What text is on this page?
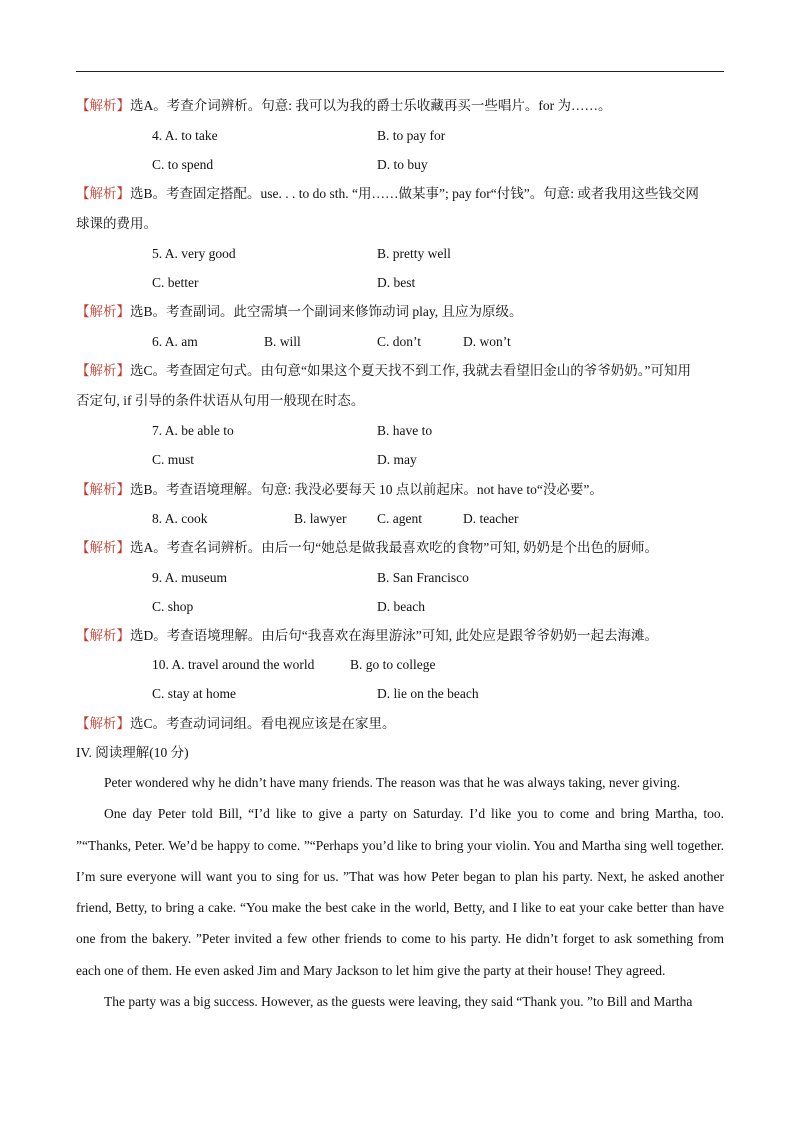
【解析】选A。考查介词辨析。句意: 我可以为我的爵士乐收藏再买一些唱片。for 为……。
4. A. to take	B. to pay for
C. to spend	D. to buy
【解析】选B。考查固定搭配。use. . . to do sth. “用……做某事”; pay for“付钱”。句意: 或者我用这些钱交网
球课的费用。
5. A. very good	B. pretty well
C. better	D. best
【解析】选B。考查副词。此空需填一个副词来修饰动词 play, 且应为原级。
6. A. am	B. will	C. don’t	D. won’t
【解析】选C。考查固定句式。由句意“如果这个夏天找不到工作, 我就去看望旧金山的爷爷奶奶。”可知用
否定句, if 引导的条件状语从句用一般现在时态。
7. A. be able to	B. have to
C. must	D. may
【解析】选B。考查语境理解。句意: 我没必要每天 10 点以前起床。not have to“没必要”。
8. A. cook	B. lawyer C. agent	D. teacher
【解析】选A。考查名词辨析。由后一句“她总是做我最喜欢吃的食物”可知, 奶奶是个出色的厨师。
9. A. museum	B. San Francisco
C. shop	D. beach
【解析】选D。考查语境理解。由后句“我喜欢在海里游泳”可知, 此处应是跟爷爷奶奶一起去海滩。
10. A. travel around the world	B. go to college
C. stay at home	D. lie on the beach
【解析】选C。考查动词词组。看电视应该是在家里。
IV. 阅读理解(10 分)

Peter wondered why he didn’t have many friends. The reason was that he was always taking, never giving.

One day Peter told Bill, “I’d like to give a party on Saturday. I’d like you to come and bring Martha, too. ”“Thanks, Peter. We’d be happy to come. ”“Perhaps you’d like to bring your violin. You and Martha sing well together. I’m sure everyone will want you to sing for us. ”That was how Peter began to plan his party. Next, he asked another friend, Betty, to bring a cake. “You make the best cake in the world, Betty, and I like to eat your cake better than have one from the bakery. ”Peter invited a few other friends to come to his party. He didn’t forget to ask something from each one of them. He even asked Jim and Mary Jackson to let him give the party at their house! They agreed.

The party was a big success. However, as the guests were leaving, they said “Thank you. ”to Bill and Martha
